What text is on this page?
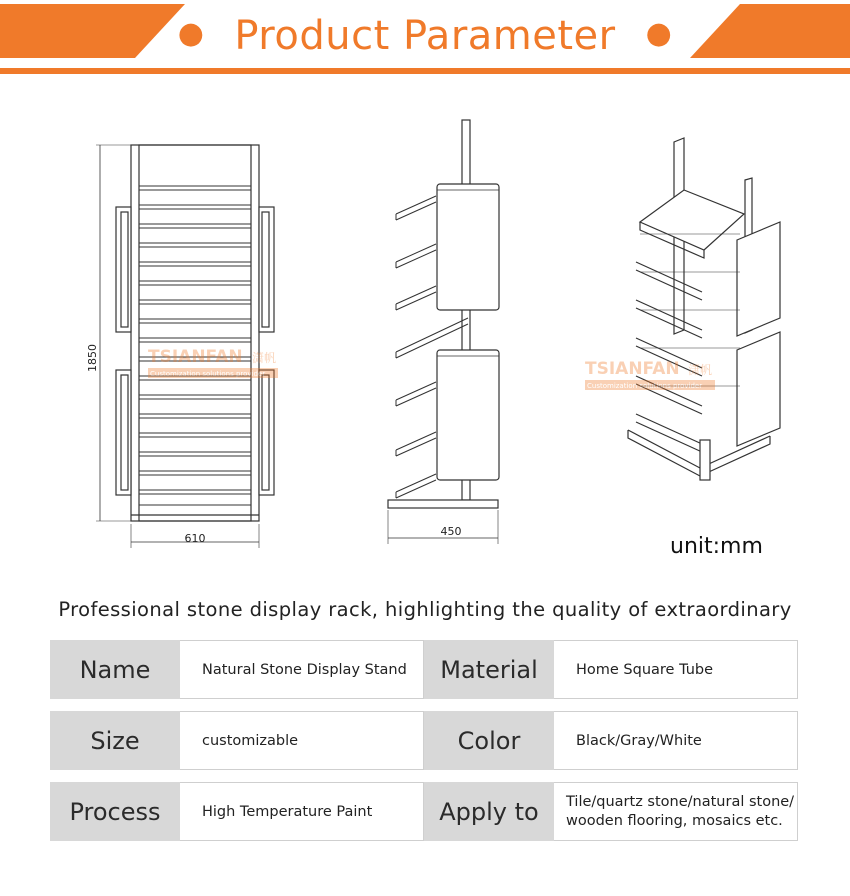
● Product Parameter ●
1850
610
450
TSIANFAN 潇帆
Customization solutions provider	TSIANFAN 潇帆
Customization solutions provider
unit:mm
Professional stone display rack, highlighting the quality of extraordinary
Name	Natural Stone Display Stand	Material	Home Square Tube
Size	customizable	Color	Black/Gray/White
Process	High Temperature Paint	Apply to	Tile/quartz stone/natural stone/ wooden flooring, mosaics etc.
